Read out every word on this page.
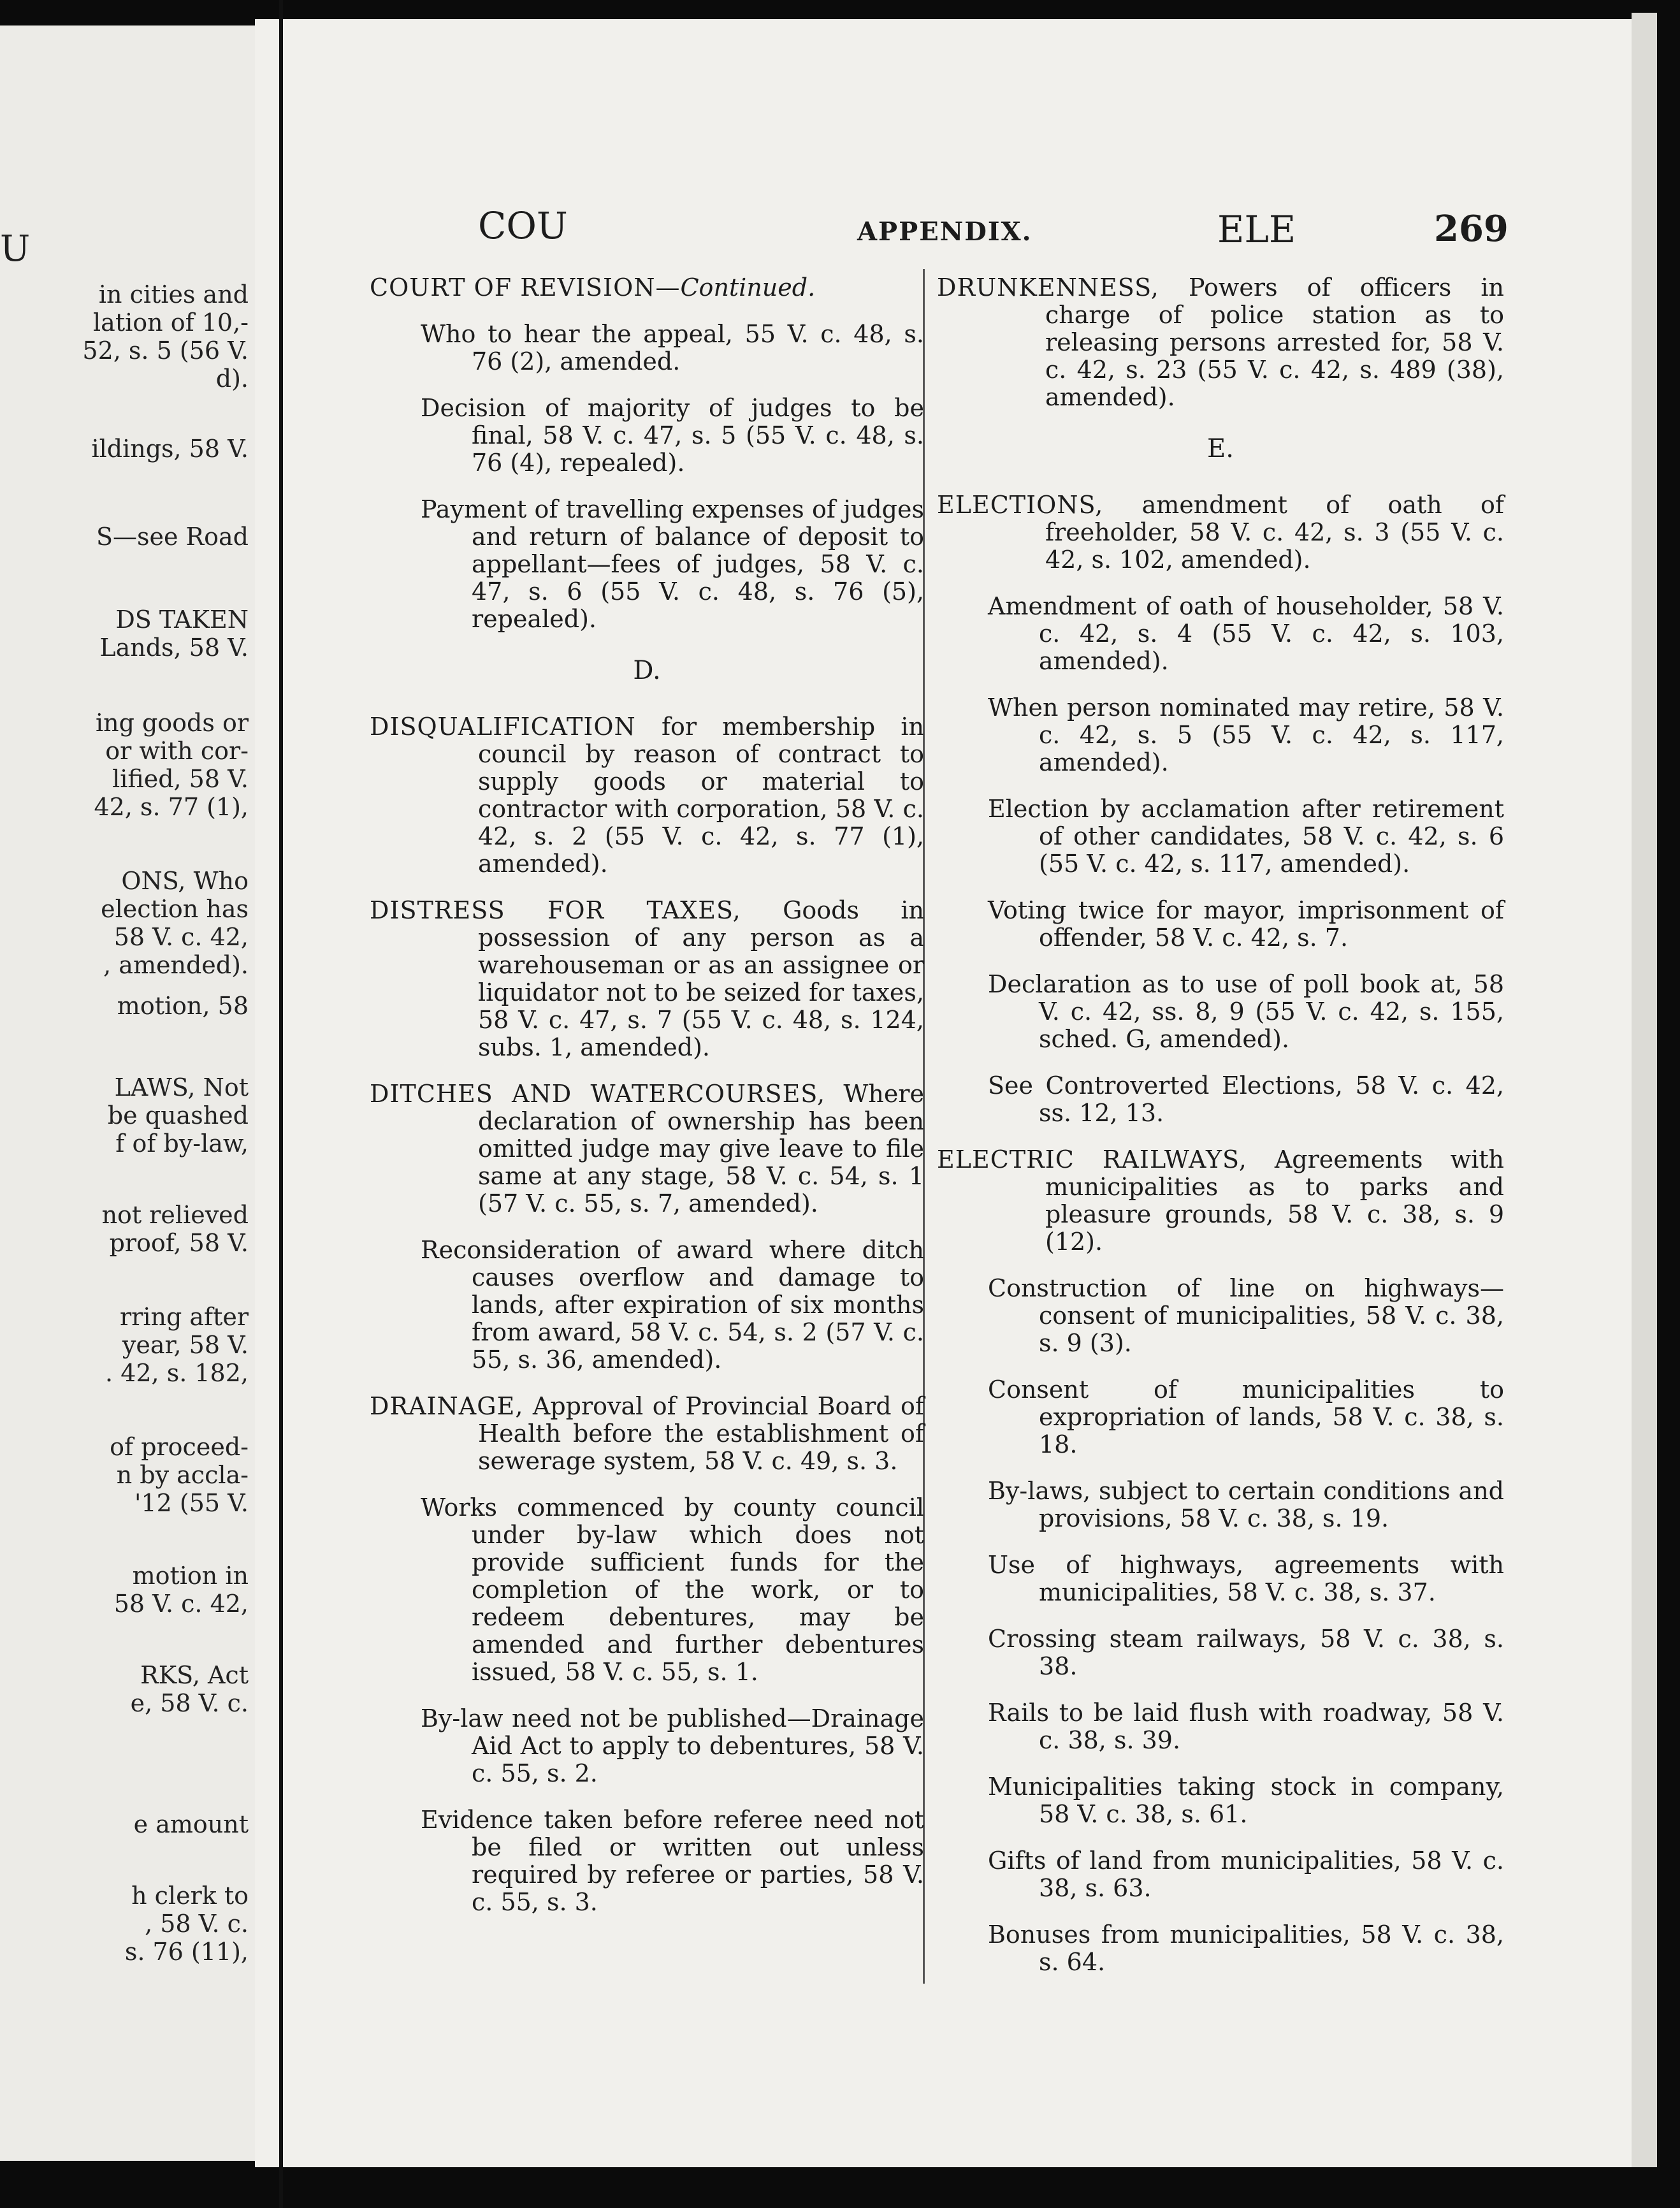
U
in cities and
lation of 10,-
52, s. 5 (56 V.
d).
ildings, 58 V.
S—see Road
DS TAKEN
Lands, 58 V.
ing goods or
or with cor-
lified, 58 V.
42, s. 77 (1),
ONS, Who
election has
58 V. c. 42,
, amended).
motion, 58
LAWS, Not
be quashed
f of by-law,
not relieved
proof, 58 V.
rring after
year, 58 V.
. 42, s. 182,
of proceed-
n by accla-
'12 (55 V.
motion in
58 V. c. 42,
RKS, Act
e, 58 V. c.
e amount
h clerk to
, 58 V. c.
s. 76 (11),
COU	APPENDIX.	ELE	269

COURT OF REVISION—Continued.

Who to hear the appeal, 55 V. c. 48, s. 76 (2), amended.

Decision of majority of judges to be final, 58 V. c. 47, s. 5 (55 V. c. 48, s. 76 (4), repealed).

Payment of travelling expenses of judges and return of balance of deposit to appellant—fees of judges, 58 V. c. 47, s. 6 (55 V. c. 48, s. 76 (5), repealed).

D.

DISQUALIFICATION for membership in council by reason of contract to supply goods or material to contractor with corporation, 58 V. c. 42, s. 2 (55 V. c. 42, s. 77 (1), amended).

DISTRESS FOR TAXES, Goods in possession of any person as a warehouseman or as an assignee or liquidator not to be seized for taxes, 58 V. c. 47, s. 7 (55 V. c. 48, s. 124, subs. 1, amended).

DITCHES AND WATERCOURSES, Where declaration of ownership has been omitted judge may give leave to file same at any stage, 58 V. c. 54, s. 1 (57 V. c. 55, s. 7, amended).

Reconsideration of award where ditch causes overflow and damage to lands, after expiration of six months from award, 58 V. c. 54, s. 2 (57 V. c. 55, s. 36, amended).

DRAINAGE, Approval of Provincial Board of Health before the establishment of sewerage system, 58 V. c. 49, s. 3.

Works commenced by county council under by-law which does not provide sufficient funds for the completion of the work, or to redeem debentures, may be amended and further debentures issued, 58 V. c. 55, s. 1.

By-law need not be published—Drainage Aid Act to apply to debentures, 58 V. c. 55, s. 2.

Evidence taken before referee need not be filed or written out unless required by referee or parties, 58 V. c. 55, s. 3.

DRUNKENNESS, Powers of officers in charge of police station as to releasing persons arrested for, 58 V. c. 42, s. 23 (55 V. c. 42, s. 489 (38), amended).

E.

ELECTIONS, amendment of oath of freeholder, 58 V. c. 42, s. 3 (55 V. c. 42, s. 102, amended).

Amendment of oath of householder, 58 V. c. 42, s. 4 (55 V. c. 42, s. 103, amended).

When person nominated may retire, 58 V. c. 42, s. 5 (55 V. c. 42, s. 117, amended).

Election by acclamation after retirement of other candidates, 58 V. c. 42, s. 6 (55 V. c. 42, s. 117, amended).

Voting twice for mayor, imprisonment of offender, 58 V. c. 42, s. 7.

Declaration as to use of poll book at, 58 V. c. 42, ss. 8, 9 (55 V. c. 42, s. 155, sched. G, amended).

See Controverted Elections, 58 V. c. 42, ss. 12, 13.

ELECTRIC RAILWAYS, Agreements with municipalities as to parks and pleasure grounds, 58 V. c. 38, s. 9 (12).

Construction of line on highways—consent of municipalities, 58 V. c. 38, s. 9 (3).

Consent of municipalities to expropriation of lands, 58 V. c. 38, s. 18.

By-laws, subject to certain conditions and provisions, 58 V. c. 38, s. 19.

Use of highways, agreements with municipalities, 58 V. c. 38, s. 37.

Crossing steam railways, 58 V. c. 38, s. 38.

Rails to be laid flush with roadway, 58 V. c. 38, s. 39.

Municipalities taking stock in company, 58 V. c. 38, s. 61.

Gifts of land from municipalities, 58 V. c. 38, s. 63.

Bonuses from municipalities, 58 V. c. 38, s. 64.
